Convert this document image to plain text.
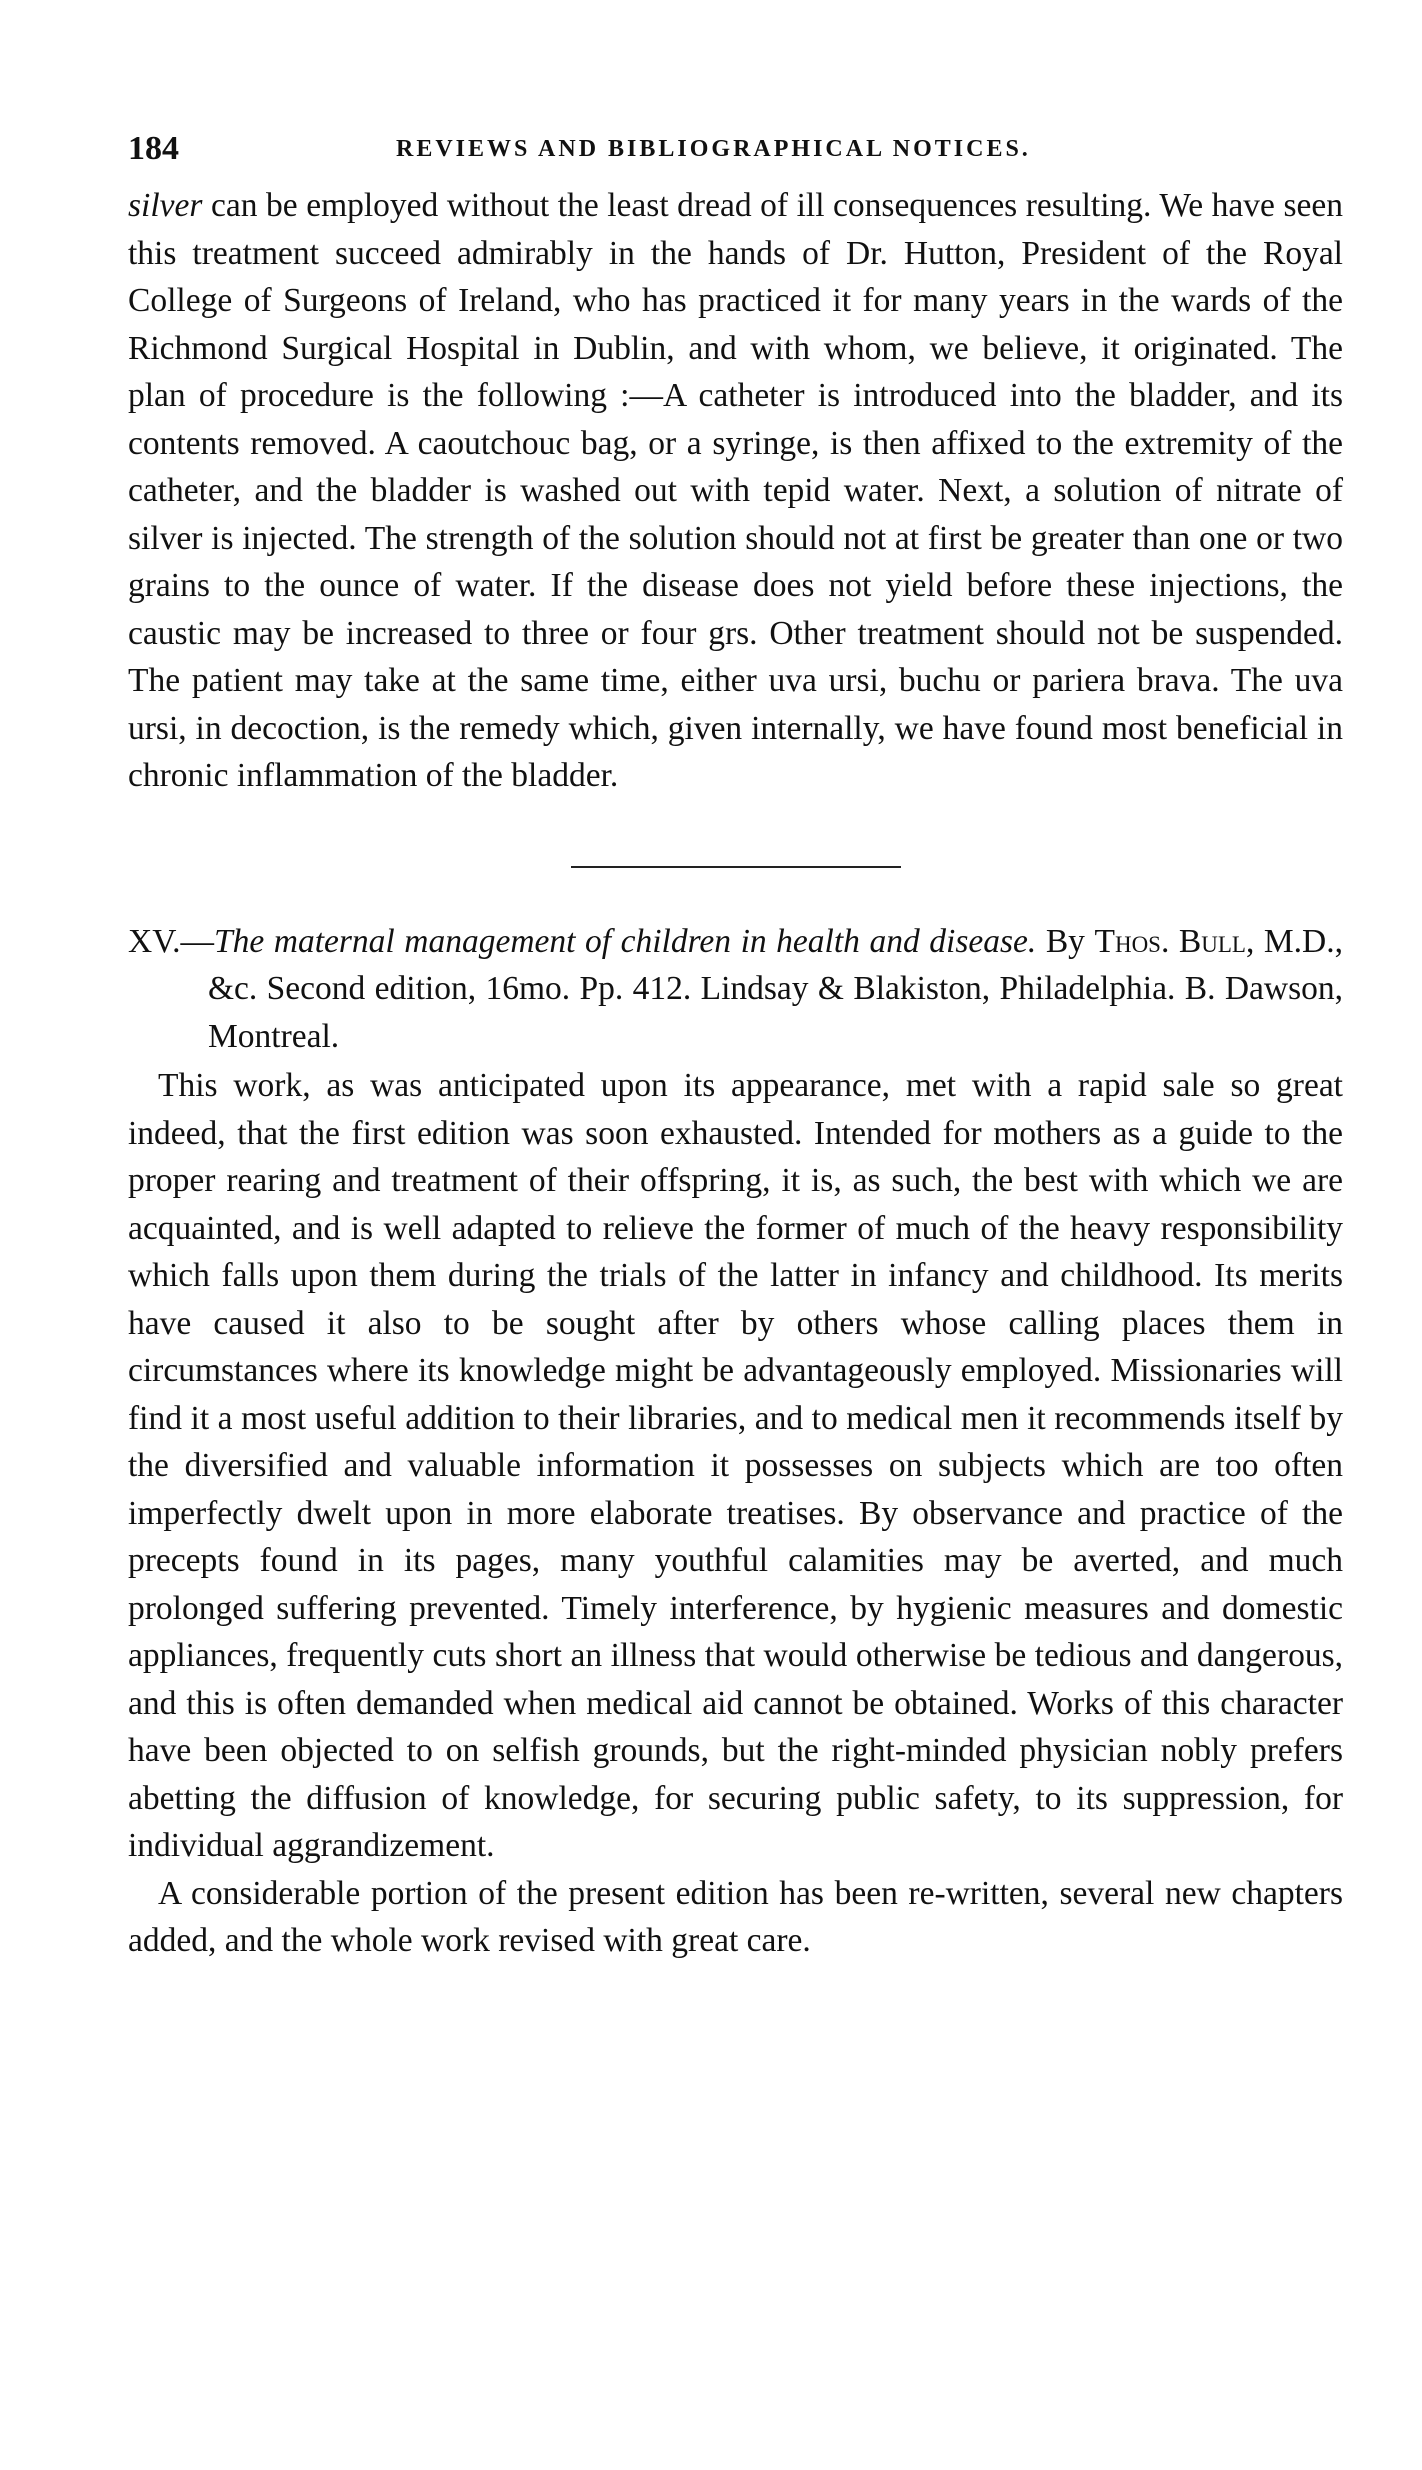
184	REVIEWS AND BIBLIOGRAPHICAL NOTICES.

silver can be employed without the least dread of ill consequences resulting. We have seen this treatment succeed admirably in the hands of Dr. Hutton, President of the Royal College of Surgeons of Ireland, who has practiced it for many years in the wards of the Richmond Surgical Hospital in Dublin, and with whom, we believe, it originated. The plan of procedure is the following :—A catheter is introduced into the bladder, and its contents removed. A caoutchouc bag, or a syringe, is then affixed to the extremity of the catheter, and the bladder is washed out with tepid water. Next, a solution of nitrate of silver is injected. The strength of the solution should not at first be greater than one or two grains to the ounce of water. If the disease does not yield before these injections, the caustic may be increased to three or four grs. Other treatment should not be suspended. The patient may take at the same time, either uva ursi, buchu or pariera brava. The uva ursi, in decoction, is the remedy which, given internally, we have found most beneficial in chronic inflammation of the bladder.

XV.—The maternal management of children in health and disease. By Thos. Bull, M.D., &c. Second edition, 16mo. Pp. 412. Lindsay & Blakiston, Philadelphia. B. Dawson, Montreal.

This work, as was anticipated upon its appearance, met with a rapid sale so great indeed, that the first edition was soon exhausted. Intended for mothers as a guide to the proper rearing and treatment of their offspring, it is, as such, the best with which we are acquainted, and is well adapted to relieve the former of much of the heavy responsibility which falls upon them during the trials of the latter in infancy and childhood. Its merits have caused it also to be sought after by others whose calling places them in circumstances where its knowledge might be advantageously employed. Missionaries will find it a most useful addition to their libraries, and to medical men it recommends itself by the diversified and valuable information it possesses on subjects which are too often imperfectly dwelt upon in more elaborate treatises. By observance and practice of the precepts found in its pages, many youthful calamities may be averted, and much prolonged suffering prevented. Timely interference, by hygienic measures and domestic appliances, frequently cuts short an illness that would otherwise be tedious and dangerous, and this is often demanded when medical aid cannot be obtained. Works of this character have been objected to on selfish grounds, but the right-minded physician nobly prefers abetting the diffusion of knowledge, for securing public safety, to its suppression, for individual aggrandizement.

A considerable portion of the present edition has been re-written, several new chapters added, and the whole work revised with great care.
